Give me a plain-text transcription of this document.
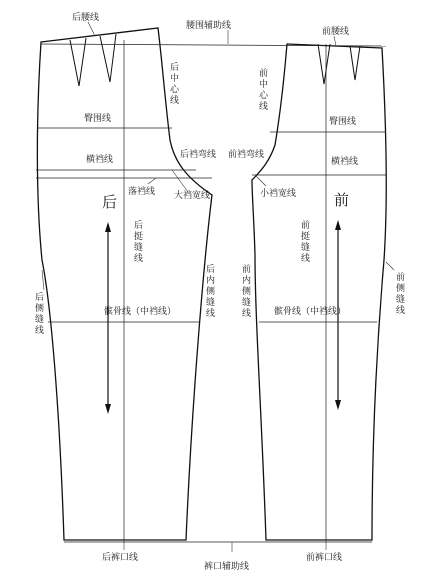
后腰线
腰围辅助线
前腰线
后中心线
前中心线
臀围线	臀围线
后裆弯线 前裆弯线
横裆线	横裆线
落裆线 大裆宽线	小裆宽线
后	前
后挺缝线
前挺缝线
后内侧缝线
前内侧缝线
后侧缝线
前侧缝线
髌骨线（中裆线）	髌骨线（中裆线）
后裤口线
裤口辅助线
前裤口线
